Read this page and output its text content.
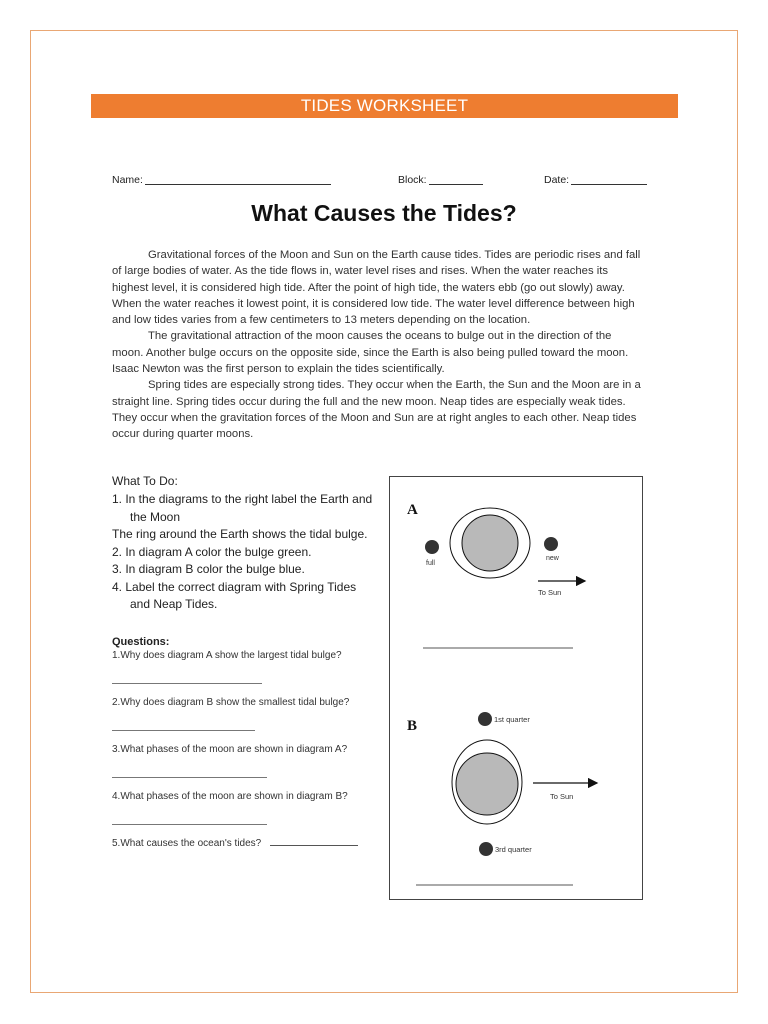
TIDES WORKSHEET
Name:	Block:	Date:
What Causes the Tides?

Gravitational forces of the Moon and Sun on the Earth cause tides. Tides are periodic rises and fall of large bodies of water. As the tide flows in, water level rises and rises. When the water reaches its highest level, it is considered high tide. After the point of high tide, the waters ebb (go out slowly) away. When the water reaches it lowest point, it is considered low tide. The water level difference between high and low tides varies from a few centimeters to 13 meters depending on the location.

The gravitational attraction of the moon causes the oceans to bulge out in the direction of the moon. Another bulge occurs on the opposite side, since the Earth is also being pulled toward the moon. Isaac Newton was the first person to explain the tides scientifically.

Spring tides are especially strong tides. They occur when the Earth, the Sun and the Moon are in a straight line. Spring tides occur during the full and the new moon. Neap tides are especially weak tides. They occur when the gravitation forces of the Moon and Sun are at right angles to each other. Neap tides occur during quarter moons.

What To Do:
1. In the diagrams to the right label the Earth and the Moon
The ring around the Earth shows the tidal bulge.
2. In diagram A color the bulge green.
3. In diagram B color the bulge blue.
4. Label the correct diagram with Spring Tides and Neap Tides.
Questions:
1.Why does diagram A show the largest tidal bulge?
2.Why does diagram B show the smallest tidal bulge?
3.What phases of the moon are shown in diagram A?
4.What phases of the moon are shown in diagram B?
5.What causes the ocean's tides?
A
full
new
To Sun
B	1st quarter
To Sun
3rd quarter
